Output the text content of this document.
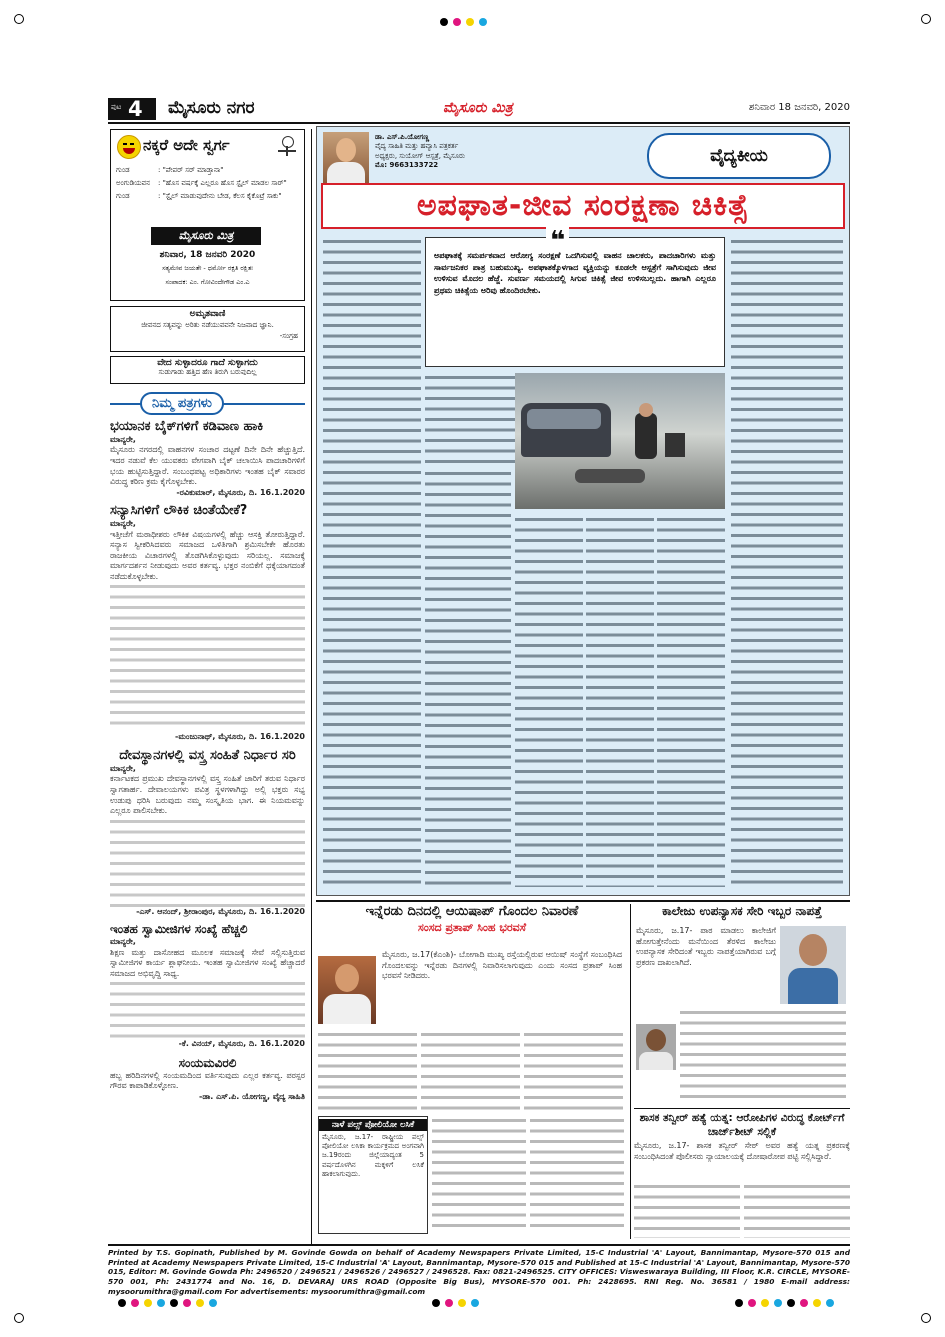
ಪುಟ 4 ಮೈಸೂರು ನಗರ	ಮೈಸೂರು ಮಿತ್ರ	ಶನಿವಾರ 18 ಜನವರಿ, 2020
ನಕ್ಕರೆ ಅದೇ ಸ್ವರ್ಗ
ಗುಂಡ	: "ಪೇಪರ್ ಸರ್ ಮಾಡ್ತಾನಾ"
ಅಂಗುಡಿಯವನ	: "ಹೊಸ ವರ್ಷಕ್ಕೆ ಎಲ್ಲರೂ ಹೊಸ ಸ್ಟೈಲ್ ಮಾಡಲ ಸಾರ್"
ಗುಂಡ	: "ಸ್ಟೈಲ್ ಮಾಡುವುದೇನು ಬೇಡ, ಕೆಲಸ ಕೈಕೊಟ್ರೆ ಸಾಕು"
ಮೈಸೂರು ಮಿತ್ರ
ಶನಿವಾರ, 18 ಜನವರಿ 2020
ಸತ್ಯಮೇವ ಜಯತೇ - ಧರ್ಮೋ ರಕ್ಷತಿ ರಕ್ಷಿತಃ
ಸಂಪಾದಕ: ಎಂ. ಗೋವಿಂದೇಗೌಡ ಎಂ.ಎ
ಅಮೃತವಾಣಿ
ಜೀವನದ ಸತ್ಯವನ್ನು ಅರಿತು ನಡೆಯುವವನೇ ನಿಜವಾದ ಜ್ಞಾನಿ.
-ಸಂಗ್ರಹ
ವೇದ ಸುಳ್ಳಾದರೂ ಗಾದೆ ಸುಳ್ಳಾಗದು
ಸುಡುಗಾಡು ಹತ್ತಿದ ಹೆಣ ತಿರುಗಿ ಬರುವುದಿಲ್ಲ
ನಿಮ್ಮ ಪತ್ರಗಳು
ಭಯಾನಕ ಬೈಕ್‌ಗಳಿಗೆ ಕಡಿವಾಣ ಹಾಕಿ
ಮಾನ್ಯರೇ,
ಮೈಸೂರು ನಗರದಲ್ಲಿ ವಾಹನಗಳ ಸಂಚಾರ ದಟ್ಟಣೆ ದಿನೇ ದಿನೇ ಹೆಚ್ಚುತ್ತಿದೆ. ಇದರ ನಡುವೆ ಕೆಲ ಯುವಕರು ವೇಗವಾಗಿ ಬೈಕ್ ಚಲಾಯಿಸಿ ಪಾದಚಾರಿಗಳಿಗೆ ಭಯ ಹುಟ್ಟಿಸುತ್ತಿದ್ದಾರೆ. ಸಂಬಂಧಪಟ್ಟ ಅಧಿಕಾರಿಗಳು ಇಂತಹ ಬೈಕ್ ಸವಾರರ ವಿರುದ್ಧ ಕಠಿಣ ಕ್ರಮ ಕೈಗೊಳ್ಳಬೇಕು.
-ರವಿಕುಮಾರ್, ಮೈಸೂರು, ದಿ. 16.1.2020
ಸನ್ಯಾಸಿಗಳಿಗೆ ಲೌಕಿಕ ಚಿಂತೆಯೇಕೆ?
ಮಾನ್ಯರೇ,
ಇತ್ತೀಚೆಗೆ ಮಠಾಧೀಶರು ಲೌಕಿಕ ವಿಷಯಗಳಲ್ಲಿ ಹೆಚ್ಚು ಆಸಕ್ತಿ ತೋರುತ್ತಿದ್ದಾರೆ. ಸನ್ಯಾಸ ಸ್ವೀಕರಿಸಿದವರು ಸಮಾಜದ ಒಳಿತಿಗಾಗಿ ಶ್ರಮಿಸಬೇಕೇ ಹೊರತು ರಾಜಕೀಯ ವಿಚಾರಗಳಲ್ಲಿ ತೊಡಗಿಸಿಕೊಳ್ಳುವುದು ಸರಿಯಲ್ಲ. ಸಮಾಜಕ್ಕೆ ಮಾರ್ಗದರ್ಶನ ನೀಡುವುದು ಅವರ ಕರ್ತವ್ಯ. ಭಕ್ತರ ನಂಬಿಕೆಗೆ ಧಕ್ಕೆಯಾಗದಂತೆ ನಡೆದುಕೊಳ್ಳಬೇಕು.
-ಮಂಜುನಾಥ್, ಮೈಸೂರು, ದಿ. 16.1.2020
ದೇವಸ್ಥಾನಗಳಲ್ಲಿ ವಸ್ತ್ರ ಸಂಹಿತೆ ನಿರ್ಧಾರ ಸರಿ
ಮಾನ್ಯರೇ,
ಕರ್ನಾಟಕದ ಪ್ರಮುಖ ದೇವಸ್ಥಾನಗಳಲ್ಲಿ ವಸ್ತ್ರ ಸಂಹಿತೆ ಜಾರಿಗೆ ತರುವ ನಿರ್ಧಾರ ಸ್ವಾಗತಾರ್ಹ. ದೇವಾಲಯಗಳು ಪವಿತ್ರ ಸ್ಥಳಗಳಾಗಿದ್ದು ಅಲ್ಲಿ ಭಕ್ತರು ಸಭ್ಯ ಉಡುಪು ಧರಿಸಿ ಬರುವುದು ನಮ್ಮ ಸಂಸ್ಕೃತಿಯ ಭಾಗ. ಈ ನಿಯಮವನ್ನು ಎಲ್ಲರೂ ಪಾಲಿಸಬೇಕು.
-ಎಸ್. ಆನಂದ್, ಶ್ರೀರಾಂಪುರ, ಮೈಸೂರು, ದಿ. 16.1.2020
ಇಂತಹ ಸ್ವಾಮೀಜಿಗಳ ಸಂಖ್ಯೆ ಹೆಚ್ಚಲಿ
ಮಾನ್ಯರೇ,
ಶಿಕ್ಷಣ ಮತ್ತು ದಾಸೋಹದ ಮೂಲಕ ಸಮಾಜಕ್ಕೆ ಸೇವೆ ಸಲ್ಲಿಸುತ್ತಿರುವ ಸ್ವಾಮೀಜಿಗಳ ಕಾರ್ಯ ಶ್ಲಾಘನೀಯ. ಇಂತಹ ಸ್ವಾಮೀಜಿಗಳ ಸಂಖ್ಯೆ ಹೆಚ್ಚಾದರೆ ಸಮಾಜದ ಅಭಿವೃದ್ಧಿ ಸಾಧ್ಯ.
-ಕೆ. ವಿನಯ್, ಮೈಸೂರು, ದಿ. 16.1.2020
ಸಂಯಮವಿರಲಿ
ಹಬ್ಬ ಹರಿದಿನಗಳಲ್ಲಿ ಸಂಯಮದಿಂದ ವರ್ತಿಸುವುದು ಎಲ್ಲರ ಕರ್ತವ್ಯ. ಪರಸ್ಪರ ಗೌರವ ಕಾಪಾಡಿಕೊಳ್ಳೋಣ.
-ಡಾ. ಎಸ್.ಪಿ. ಯೋಗಣ್ಣ, ವೈದ್ಯ ಸಾಹಿತಿ
ಡಾ. ಎಸ್.ಪಿ.ಯೋಗಣ್ಣ
ವೈದ್ಯ ಸಾಹಿತಿ ಮತ್ತು ಹವ್ಯಾಸಿ ಪತ್ರಕರ್ತ
ಅಧ್ಯಕ್ಷರು, ಸುಯೋಗ್ ಆಸ್ಪತ್ರೆ, ಮೈಸೂರು
ಮೊ: 9663133722	ವೈದ್ಯಕೀಯ
ಅಪಘಾತ-ಜೀವ ಸಂರಕ್ಷಣಾ ಚಿಕಿತ್ಸೆ
❝
ಅಪಘಾತಕ್ಕೆ ಸಮರ್ಪಕವಾದ ಆರೋಗ್ಯ ಸಂರಕ್ಷಣೆ ಒದಗಿಸುವಲ್ಲಿ ವಾಹನ ಚಾಲಕರು, ಪಾದಚಾರಿಗಳು ಮತ್ತು ಸಾರ್ವಜನಿಕರ ಪಾತ್ರ ಬಹುಮುಖ್ಯ. ಅಪಘಾತಕ್ಕೊಳಗಾದ ವ್ಯಕ್ತಿಯನ್ನು ಕೂಡಲೇ ಆಸ್ಪತ್ರೆಗೆ ಸಾಗಿಸುವುದು ಜೀವ ಉಳಿಸುವ ಮೊದಲ ಹೆಜ್ಜೆ. ಸುವರ್ಣ ಸಮಯದಲ್ಲಿ ಸಿಗುವ ಚಿಕಿತ್ಸೆ ಜೀವ ಉಳಿಸಬಲ್ಲದು. ಹಾಗಾಗಿ ಎಲ್ಲರೂ ಪ್ರಥಮ ಚಿಕಿತ್ಸೆಯ ಅರಿವು ಹೊಂದಿರಬೇಕು.
ಇನ್ನೆರಡು ದಿನದಲ್ಲಿ ಆಯಿಷಾಪ್ ಗೊಂದಲ ನಿವಾರಣೆ
ಸಂಸದ ಪ್ರತಾಪ್ ಸಿಂಹ ಭರವಸೆ
ಮೈಸೂರು, ಜ.17(ಕೆಎಂಶಿ)- ಬೋಗಾದಿ ಮುಖ್ಯ ರಸ್ತೆಯಲ್ಲಿರುವ ಆಯಿಷ್ ಸಂಸ್ಥೆಗೆ ಸಂಬಂಧಿಸಿದ ಗೊಂದಲವನ್ನು ಇನ್ನೆರಡು ದಿನಗಳಲ್ಲಿ ನಿವಾರಿಸಲಾಗುವುದು ಎಂದು ಸಂಸದ ಪ್ರತಾಪ್ ಸಿಂಹ ಭರವಸೆ ನೀಡಿದರು.
ನಾಳೆ ಪಲ್ಸ್ ಪೋಲಿಯೋ ಲಸಿಕೆ
ಮೈಸೂರು, ಜ.17- ರಾಷ್ಟ್ರೀಯ ಪಲ್ಸ್ ಪೋಲಿಯೋ ಲಸಿಕಾ ಕಾರ್ಯಕ್ರಮದ ಅಂಗವಾಗಿ ಜ.19ರಂದು ಜಿಲ್ಲೆಯಾದ್ಯಂತ 5 ವರ್ಷದೊಳಗಿನ ಮಕ್ಕಳಿಗೆ ಲಸಿಕೆ ಹಾಕಲಾಗುವುದು.
ಕಾಲೇಜು ಉಪನ್ಯಾಸಕ ಸೇರಿ ಇಬ್ಬರ ನಾಪತ್ತೆ
ಮೈಸೂರು, ಜ.17- ಪಾಠ ಮಾಡಲು ಕಾಲೇಜಿಗೆ ಹೋಗುತ್ತೇನೆಂದು ಮನೆಯಿಂದ ತೆರಳಿದ ಕಾಲೇಜು ಉಪನ್ಯಾಸಕ ಸೇರಿದಂತೆ ಇಬ್ಬರು ನಾಪತ್ತೆಯಾಗಿರುವ ಬಗ್ಗೆ ಪ್ರಕರಣ ದಾಖಲಾಗಿದೆ.
ಶಾಸಕ ತನ್ವೀರ್ ಹತ್ಯೆ ಯತ್ನ: ಆರೋಪಿಗಳ ವಿರುದ್ಧ ಕೋರ್ಟ್‌ಗೆ ಚಾರ್ಜ್‌ಶೀಟ್ ಸಲ್ಲಿಕೆ
ಮೈಸೂರು, ಜ.17- ಶಾಸಕ ತನ್ವೀರ್ ಸೇಠ್ ಅವರ ಹತ್ಯೆ ಯತ್ನ ಪ್ರಕರಣಕ್ಕೆ ಸಂಬಂಧಿಸಿದಂತೆ ಪೊಲೀಸರು ನ್ಯಾಯಾಲಯಕ್ಕೆ ದೋಷಾರೋಪ ಪಟ್ಟಿ ಸಲ್ಲಿಸಿದ್ದಾರೆ.
Printed by T.S. Gopinath, Published by M. Govinde Gowda on behalf of Academy Newspapers Private Limited, 15-C Industrial 'A' Layout, Bannimantap, Mysore-570 015 and Printed at Academy Newspapers Private Limited, 15-C Industrial 'A' Layout, Bannimantap, Mysore-570 015 and Published at 15-C Industrial 'A' Layout, Bannimantap, Mysore-570 015, Editor: M. Govinde Gowda Ph: 2496520 / 2496521 / 2496526 / 2496527 / 2496528. Fax: 0821-2496525. CITY OFFICES: Visweswaraya Building, III Floor, K.R. CIRCLE, MYSORE-570 001, Ph: 2431774 and No. 16, D. DEVARAJ URS ROAD (Opposite Big Bus), MYSORE-570 001. Ph: 2428695. RNI Reg. No. 36581 / 1980 E-mail address: mysoorumithra@gmail.com For advertisements: mysoorumithra@gmail.com
